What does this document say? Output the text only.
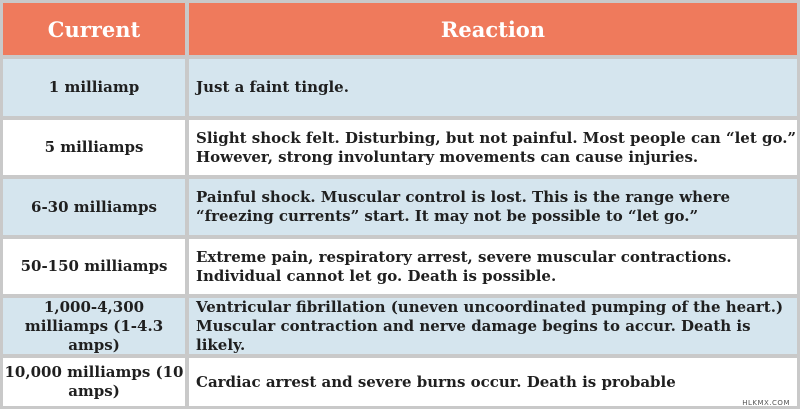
Current	Reaction
1 milliamp	Just a faint tingle.
5 milliamps
Slight shock felt. Disturbing, but not painful. Most people can “let go.” However, strong involuntary movements can cause injuries.
6-30 milliamps
Painful shock. Muscular control is lost. This is the range where “freezing currents” start. It may not be possible to “let go.”
50-150 milliamps
Extreme pain, respiratory arrest, severe muscular contractions. Individual cannot let go. Death is possible.
1,000-4,300 milliamps (1-4.3 amps)
Ventricular fibrillation (uneven uncoordinated pumping of the heart.) Muscular contraction and nerve damage begins to accur. Death is likely.
10,000 milliamps (10 amps)
Cardiac arrest and severe burns occur. Death is probable
HLKMX.COM
